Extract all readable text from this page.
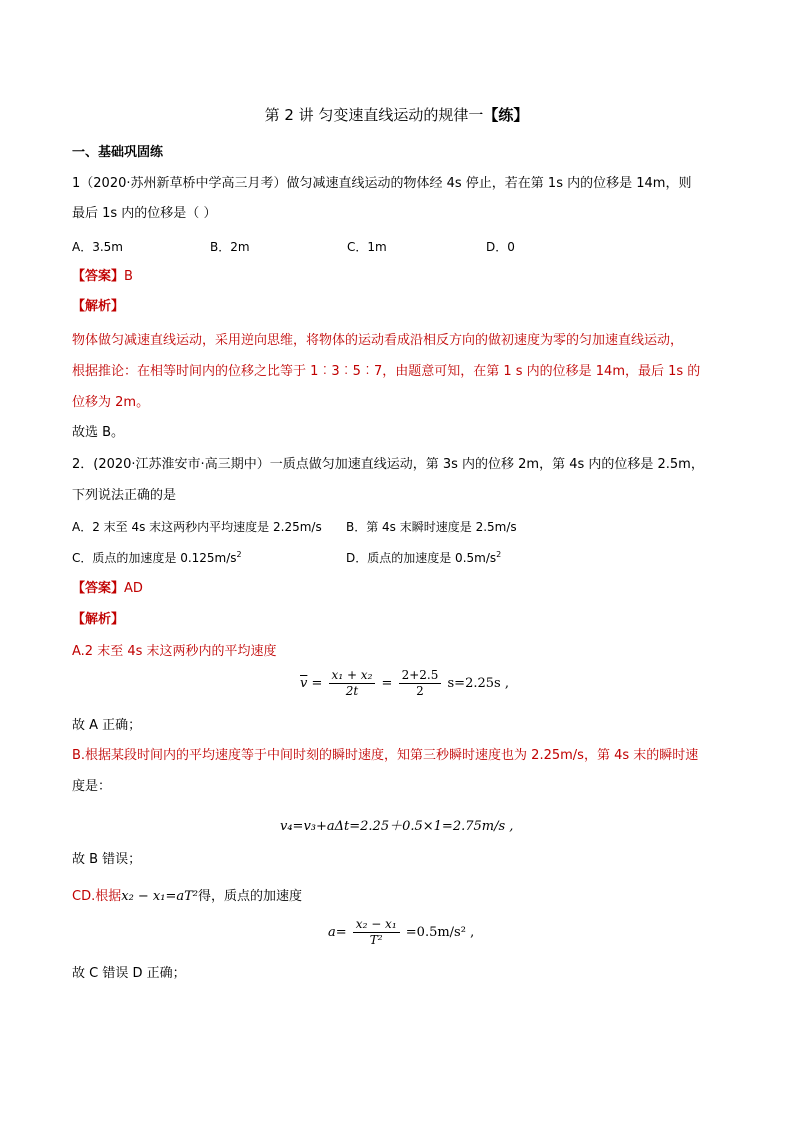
第 2 讲 匀变速直线运动的规律一【练】
一、基础巩固练
1（2020·苏州新草桥中学高三月考）做匀减速直线运动的物体经 4s 停止，若在第 1s 内的位移是 14m，则
最后 1s 内的位移是（ ）
A．3.5m	B．2m	C．1m	D．0
【答案】B
【解析】
物体做匀减速直线运动，采用逆向思维，将物体的运动看成沿相反方向的做初速度为零的匀加速直线运动，
根据推论：在相等时间内的位移之比等于 1︰3︰5︰7，由题意可知，在第 1 s 内的位移是 14m，最后 1s 的
位移为 2m。
故选 B。
2．(2020·江苏淮安市·高三期中）一质点做匀加速直线运动，第 3s 内的位移 2m，第 4s 内的位移是 2.5m，
下列说法正确的是
A．2 末至 4s 末这两秒内平均速度是 2.25m/s B．第 4s 末瞬时速度是 2.5m/s
C．质点的加速度是 $0.125m/s^2$	D．质点的加速度是 $0.5m/s^2$
【答案】AD
【解析】
A.2 末至 4s 末这两秒内的平均速度
$\overline{v} = \frac{\text{x₁ + x₂}}{2t} = \frac{2+2.5}{2} s=2.25s$ ,
故 A 正确；
B.根据某段时间内的平均速度等于中间时刻的瞬时速度，知第三秒瞬时速度也为 2.25m/s，第 4s 末的瞬时速
度是：
v₄=v₃+aΔt=2.25＋0.5×1=2.75m/s ,
故 B 错误；
CD.根据x₂ − x₁=aT²得，质点的加速度
$a= \frac{\text{x₂ − x₁}}{\text{T²}} =0.5m/s^2$ ,
故 C 错误 D 正确；
